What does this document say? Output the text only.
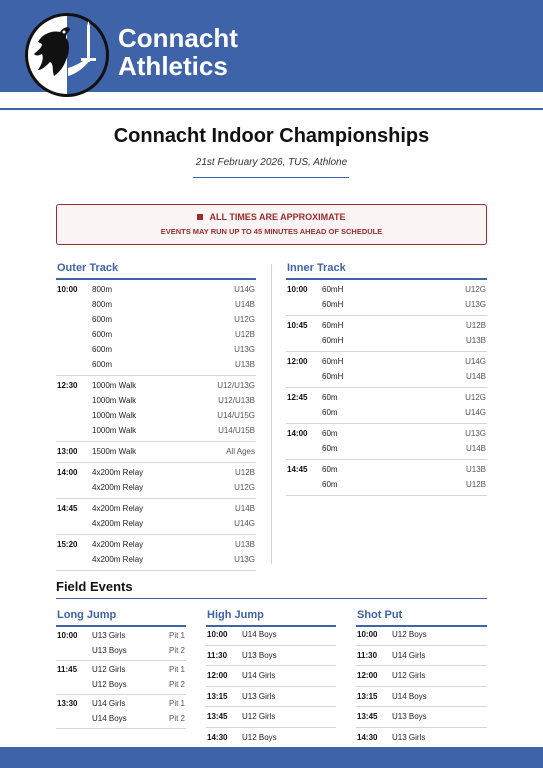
Connacht
Athletics
Connacht Indoor Championships
21st February 2026, TUS, Athlone
ALL TIMES ARE APPROXIMATE
EVENTS MAY RUN UP TO 45 MINUTES AHEAD OF SCHEDULE
Outer Track	Inner Track
10:00 800m	U14G
800m	U14B
600m	U12G
600m	U12B
600m	U13G
600m	U13B
12:30 1000m Walk	U12/U13G
1000m Walk	U12/U13B
1000m Walk	U14/U15G
1000m Walk	U14/U15B
13:00 1500m Walk	All Ages
14:00 4x200m Relay	U12B
4x200m Relay	U12G
14:45 4x200m Relay	U14B
4x200m Relay	U14G
15:20 4x200m Relay	U13B
4x200m Relay	U13G
10:00 60mH	U12G
60mH	U13G
10:45 60mH	U12B
60mH	U13B
12:00 60mH	U14G
60mH	U14B
12:45 60m	U12G
60m	U14G
14:00 60m	U13G
60m	U14B
14:45 60m	U13B
60m	U12B
Field Events
Long Jump	High Jump	Shot Put
10:00 U13 Girls	Pit 1
U13 Boys	Pit 2
11:45 U12 Girls	Pit 1
U12 Boys	Pit 2
13:30 U14 Girls	Pit 1
U14 Boys	Pit 2
10:00 U14 Boys
11:30 U13 Boys
12:00 U14 Girls
13:15 U13 Girls
13:45 U12 Girls
14:30 U12 Boys
10:00 U12 Boys
11:30 U14 Girls
12:00 U12 Girls
13:15 U14 Boys
13:45 U13 Boys
14:30 U13 Girls
